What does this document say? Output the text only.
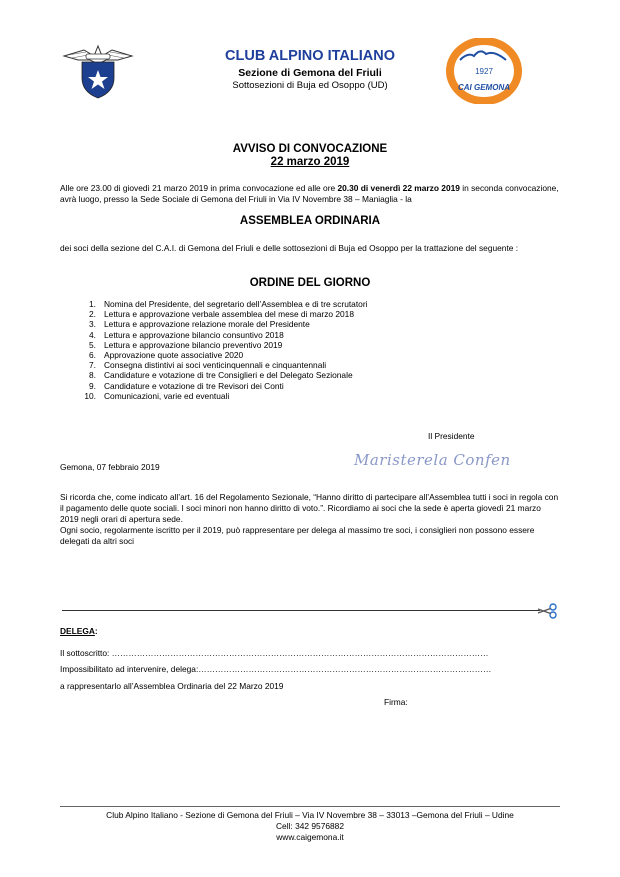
CLUB ALPINO ITALIANO
Sezione di Gemona del Friuli
Sottosezioni di Buja ed Osoppo (UD)
1927
CAI GEMONA
AVVISO DI CONVOCAZIONE
22 marzo 2019
Alle ore 23.00 di giovedì 21 marzo 2019 in prima convocazione ed alle ore 20.30 di venerdì 22 marzo 2019 in seconda convocazione, avrà luogo, presso la Sede Sociale di Gemona del Friuli in Via IV Novembre 38 – Maniaglia - la
ASSEMBLEA ORDINARIA
dei soci della sezione del C.A.I. di Gemona del Friuli e delle sottosezioni di Buja ed Osoppo per la trattazione del seguente :
ORDINE DEL GIORNO
1. Nomina del Presidente, del segretario dell’Assemblea e di tre scrutatori
2. Lettura e approvazione verbale assemblea del mese di marzo 2018
3. Lettura e approvazione relazione morale del Presidente
4. Lettura e approvazione bilancio consuntivo 2018
5. Lettura e approvazione bilancio preventivo 2019
6. Approvazione quote associative 2020
7. Consegna distintivi ai soci venticinquennali e cinquantennali
8. Candidature e votazione di tre Consiglieri e del Delegato Sezionale
9. Candidature e votazione di tre Revisori dei Conti
10. Comunicazioni, varie ed eventuali
Il Presidente
Maristerela Confen
Gemona, 07 febbraio 2019
Si ricorda che, come indicato all’art. 16 del Regolamento Sezionale, “Hanno diritto di partecipare all’Assemblea tutti i soci in regola con il pagamento delle quote sociali. I soci minori non hanno diritto di voto.”. Ricordiamo ai soci che la sede è aperta giovedì 21 marzo 2019 negli orari di apertura sede.
Ogni socio, regolarmente iscritto per il 2019, può rappresentare per delega al massimo tre soci, i consiglieri non possono essere delegati da altri soci
DELEGA:
Il sottoscritto: ………………………………………………………………………………………………………………………
Impossibilitato ad intervenire, delega:……………………………………………………………………………………………
a rappresentarlo all’Assemblea Ordinaria del 22 Marzo 2019
Firma:
Club Alpino Italiano - Sezione di Gemona del Friuli – Via IV Novembre 38 – 33013 –Gemona del Friuli – Udine
Cell: 342 9576882
www.caigemona.it
